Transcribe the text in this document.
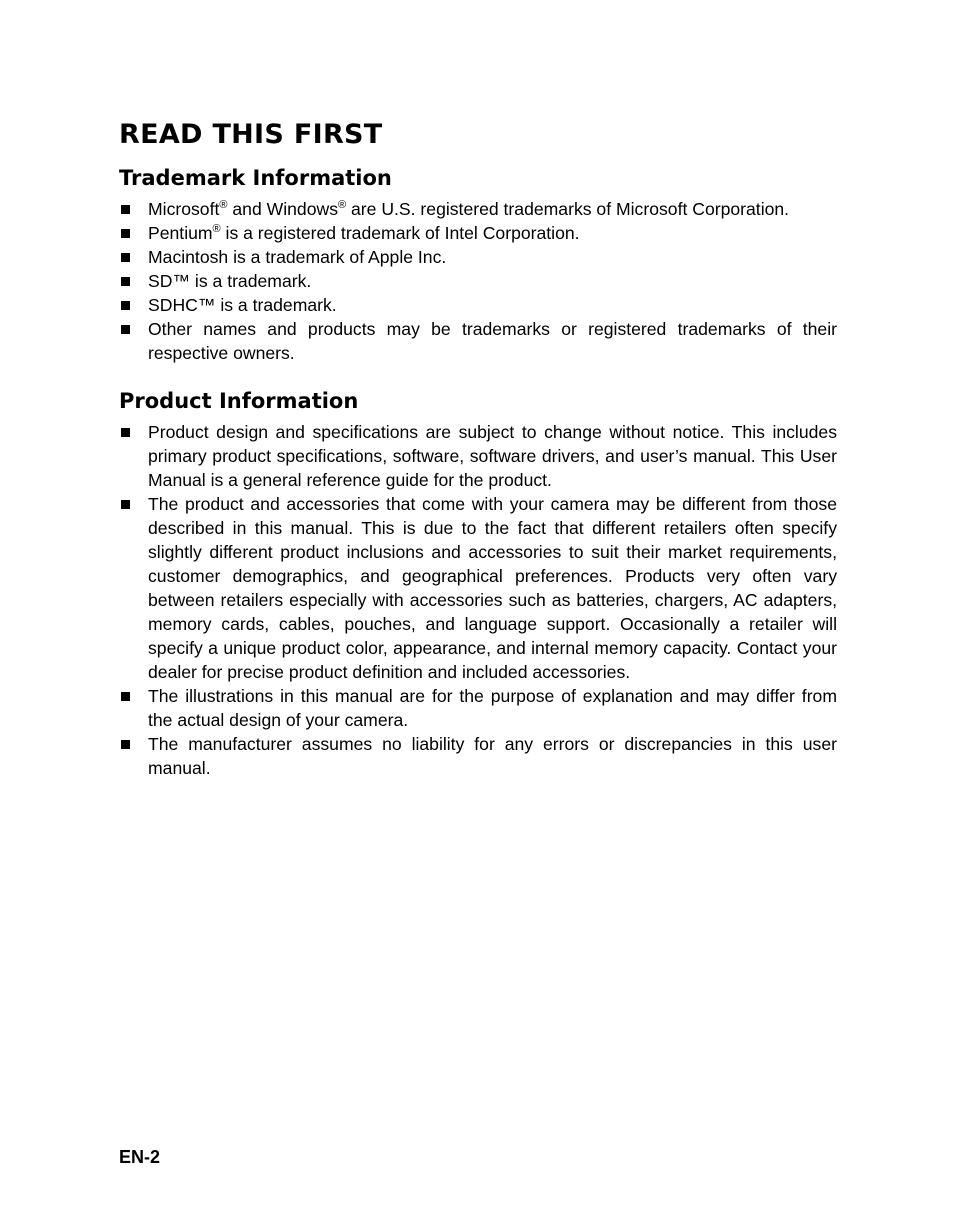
READ THIS FIRST
Trademark Information
Microsoft® and Windows® are U.S. registered trademarks of Microsoft Corporation.
Pentium® is a registered trademark of Intel Corporation.
Macintosh is a trademark of Apple Inc.
SD™ is a trademark.
SDHC™ is a trademark.
Other names and products may be trademarks or registered trademarks of their respective owners.
Product Information
Product design and specifications are subject to change without notice. This includes primary product specifications, software, software drivers, and user’s manual. This User Manual is a general reference guide for the product.
The product and accessories that come with your camera may be different from those described in this manual. This is due to the fact that different retailers often specify slightly different product inclusions and accessories to suit their market requirements, customer demographics, and geographical preferences. Products very often vary between retailers especially with accessories such as batteries, chargers, AC adapters, memory cards, cables, pouches, and language support. Occasionally a retailer will specify a unique product color, appearance, and internal memory capacity. Contact your dealer for precise product definition and included accessories.
The illustrations in this manual are for the purpose of explanation and may differ from the actual design of your camera.
The manufacturer assumes no liability for any errors or discrepancies in this user manual.
EN-2
